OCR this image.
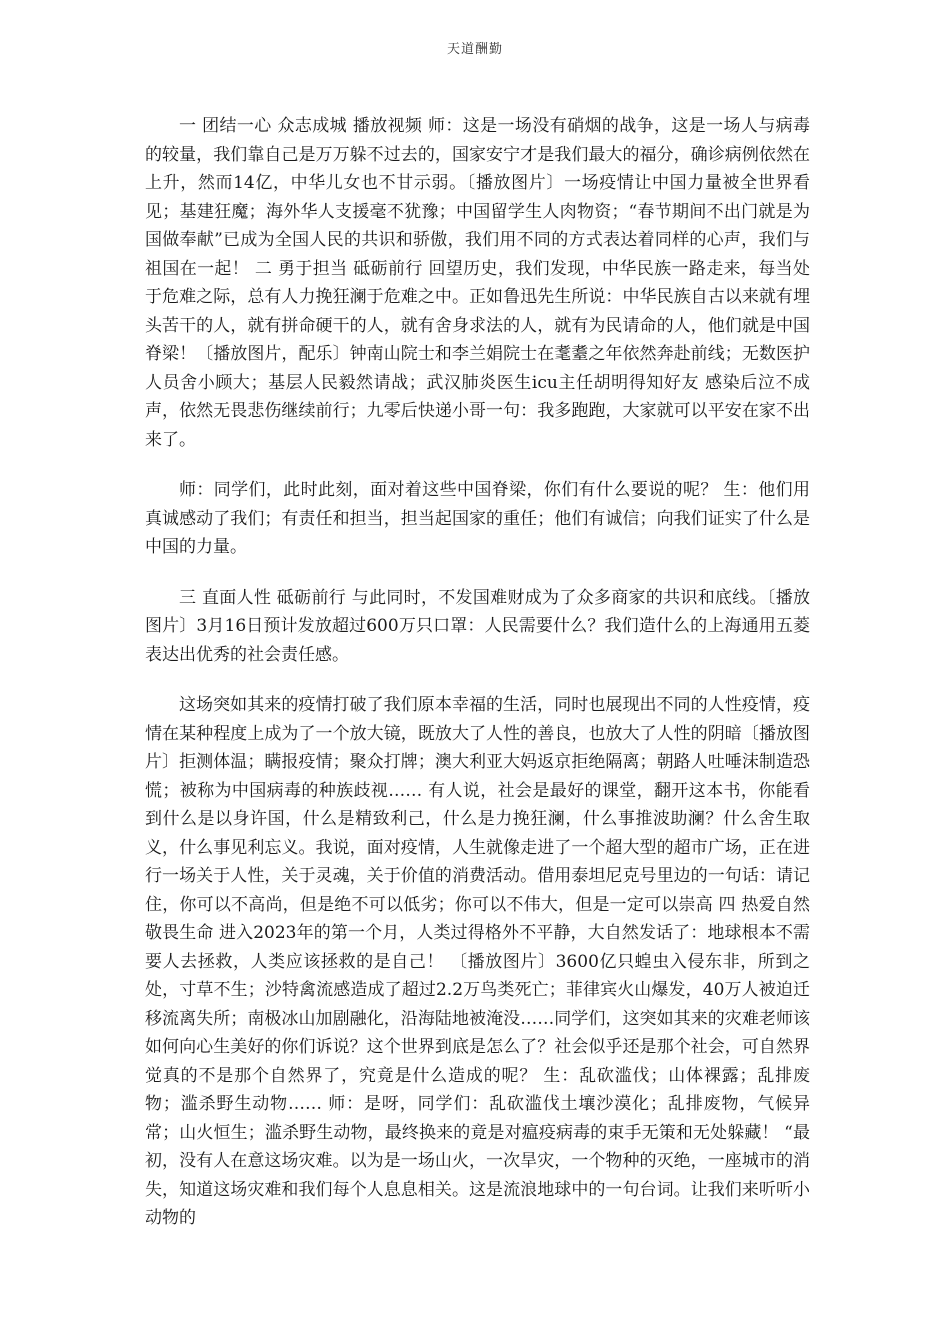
天道酬勤

一 团结一心 众志成城 播放视频 师：这是一场没有硝烟的战争，这是一场人与病毒的较量，我们靠自己是万万躲不过去的，国家安宁才是我们最大的福分，确诊病例依然在上升，然而14亿，中华儿女也不甘示弱。〔播放图片〕一场疫情让中国力量被全世界看见；基建狂魔；海外华人支援毫不犹豫；中国留学生人肉物资；“春节期间不出门就是为国做奉献”已成为全国人民的共识和骄傲，我们用不同的方式表达着同样的心声，我们与祖国在一起！ 二 勇于担当 砥砺前行 回望历史，我们发现，中华民族一路走来，每当处于危难之际，总有人力挽狂澜于危难之中。正如鲁迅先生所说：中华民族自古以来就有埋头苦干的人，就有拼命硬干的人，就有舍身求法的人，就有为民请命的人，他们就是中国脊梁！〔播放图片，配乐〕钟南山院士和李兰娟院士在耄耋之年依然奔赴前线；无数医护人员舍小顾大；基层人民毅然请战；武汉肺炎医生icu主任胡明得知好友 感染后泣不成声，依然无畏悲伤继续前行；九零后快递小哥一句：我多跑跑，大家就可以平安在家不出来了。

师：同学们，此时此刻，面对着这些中国脊梁，你们有什么要说的呢？ 生：他们用真诚感动了我们；有责任和担当，担当起国家的重任；他们有诚信；向我们证实了什么是中国的力量。

三 直面人性 砥砺前行 与此同时，不发国难财成为了众多商家的共识和底线。〔播放图片〕3月16日预计发放超过600万只口罩：人民需要什么？我们造什么的上海通用五菱表达出优秀的社会责任感。

这场突如其来的疫情打破了我们原本幸福的生活，同时也展现出不同的人性疫情，疫情在某种程度上成为了一个放大镜，既放大了人性的善良，也放大了人性的阴暗〔播放图片〕拒测体温；瞒报疫情；聚众打牌；澳大利亚大妈返京拒绝隔离；朝路人吐唾沫制造恐慌；被称为中国病毒的种族歧视…… 有人说，社会是最好的课堂，翻开这本书，你能看到什么是以身许国，什么是精致利己，什么是力挽狂澜，什么事推波助澜？什么舍生取义，什么事见利忘义。我说，面对疫情，人生就像走进了一个超大型的超市广场，正在进行一场关于人性，关于灵魂，关于价值的消费活动。借用泰坦尼克号里边的一句话：请记住，你可以不高尚，但是绝不可以低劣；你可以不伟大，但是一定可以崇高 四 热爱自然 敬畏生命 进入2023年的第一个月，人类过得格外不平静，大自然发话了：地球根本不需要人去拯救，人类应该拯救的是自己！ 〔播放图片〕3600亿只蝗虫入侵东非，所到之处，寸草不生；沙特禽流感造成了超过2.2万鸟类死亡；菲律宾火山爆发，40万人被迫迁移流离失所；南极冰山加剧融化，沿海陆地被淹没……同学们，这突如其来的灾难老师该如何向心生美好的你们诉说？这个世界到底是怎么了？社会似乎还是那个社会，可自然界觉真的不是那个自然界了，究竟是什么造成的呢？ 生：乱砍滥伐；山体裸露；乱排废物；滥杀野生动物…… 师：是呀，同学们：乱砍滥伐土壤沙漠化；乱排废物，气候异常；山火恒生；滥杀野生动物，最终换来的竟是对瘟疫病毒的束手无策和无处躲藏！ “最初，没有人在意这场灾难。以为是一场山火，一次旱灾，一个物种的灭绝，一座城市的消失，知道这场灾难和我们每个人息息相关。这是流浪地球中的一句台词。让我们来听听小动物的
